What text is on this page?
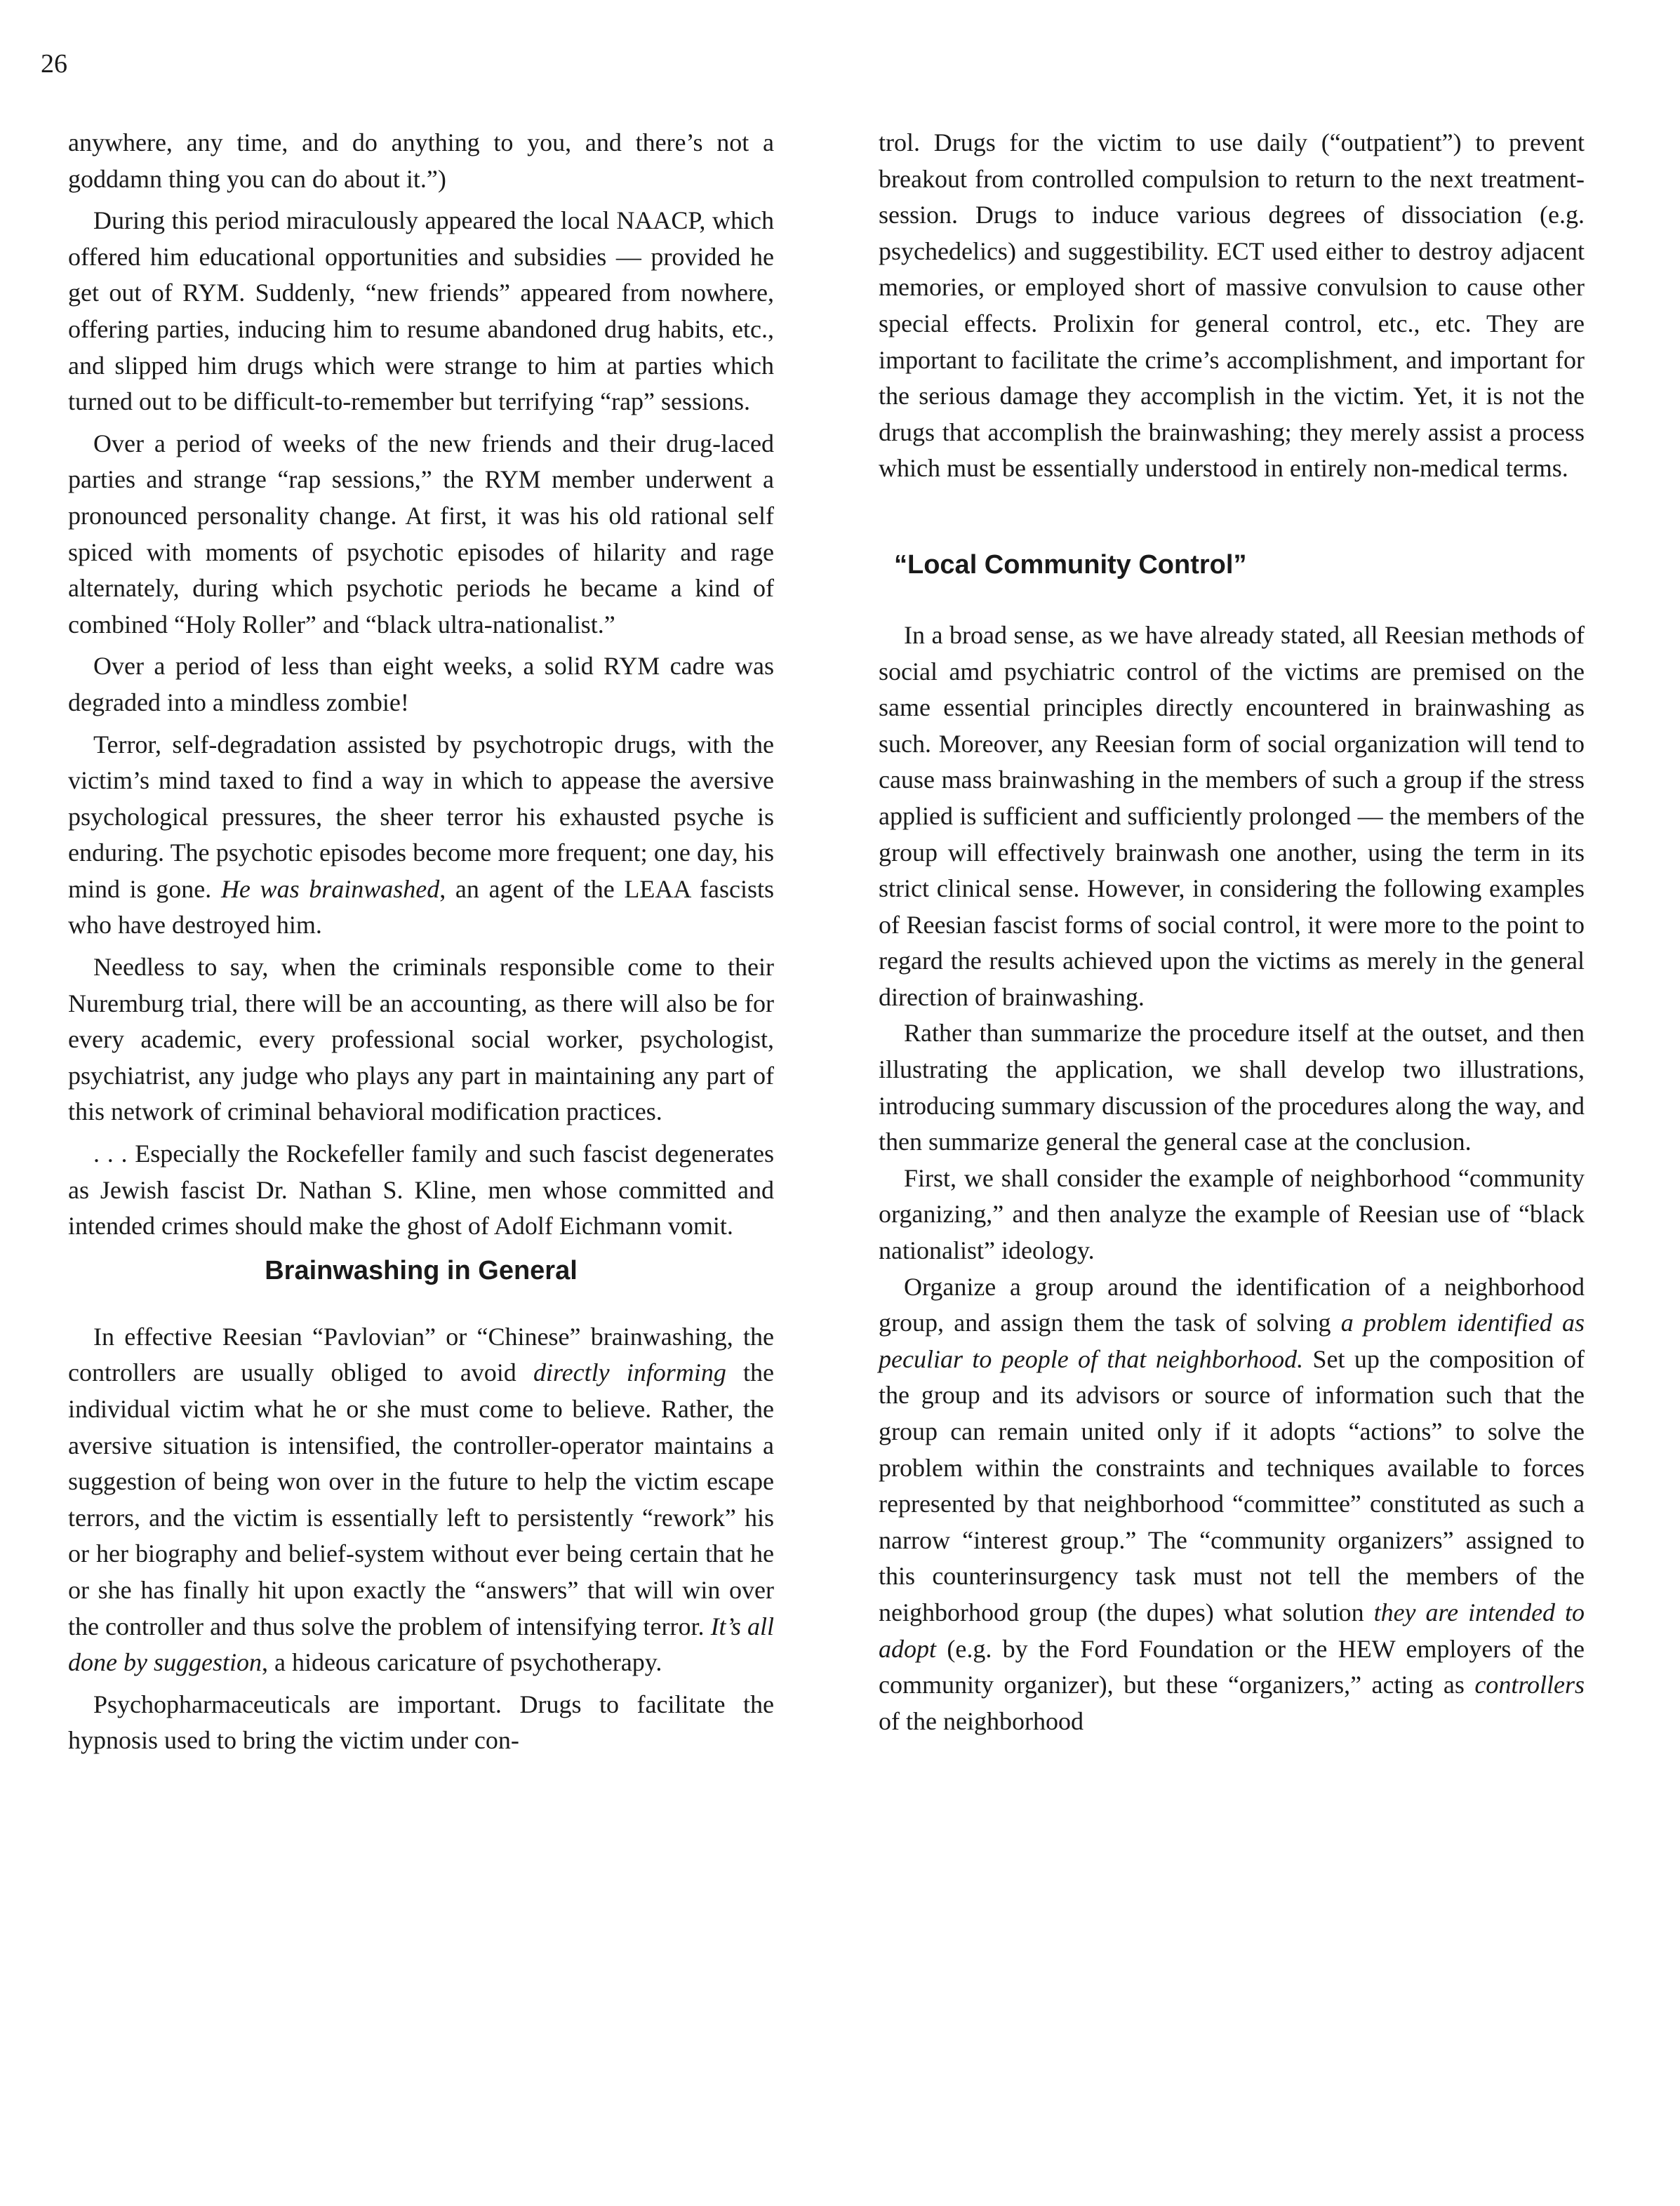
26

anywhere, any time, and do anything to you, and there’s not a goddamn thing you can do about it.”)

During this period miraculously appeared the local NAACP, which offered him educational opportunities and subsidies — provided he get out of RYM. Suddenly, “new friends” appeared from nowhere, offering parties, inducing him to resume abandoned drug habits, etc., and slipped him drugs which were strange to him at parties which turned out to be difficult-to-remember but terrifying “rap” sessions.

Over a period of weeks of the new friends and their drug-laced parties and strange “rap sessions,” the RYM member underwent a pronounced personality change. At first, it was his old rational self spiced with moments of psychotic episodes of hilarity and rage alternately, during which psychotic periods he became a kind of combined “Holy Roller” and “black ultra-nationalist.”

Over a period of less than eight weeks, a solid RYM cadre was degraded into a mindless zombie!

Terror, self-degradation assisted by psychotropic drugs, with the victim’s mind taxed to find a way in which to appease the aversive psychological pressures, the sheer terror his exhausted psyche is enduring. The psychotic episodes become more frequent; one day, his mind is gone. He was brainwashed, an agent of the LEAA fascists who have destroyed him.

Needless to say, when the criminals responsible come to their Nuremburg trial, there will be an accounting, as there will also be for every academic, every professional social worker, psychologist, psychiatrist, any judge who plays any part in maintaining any part of this network of criminal behavioral modification practices.

. . . Especially the Rockefeller family and such fascist degenerates as Jewish fascist Dr. Nathan S. Kline, men whose committed and intended crimes should make the ghost of Adolf Eichmann vomit.

Brainwashing in General

In effective Reesian “Pavlovian” or “Chinese” brainwashing, the controllers are usually obliged to avoid directly informing the individual victim what he or she must come to believe. Rather, the aversive situation is intensified, the controller-operator maintains a suggestion of being won over in the future to help the victim escape terrors, and the victim is essentially left to persistently “rework” his or her biography and belief-system without ever being certain that he or she has finally hit upon exactly the “answers” that will win over the controller and thus solve the problem of intensifying terror. It’s all done by suggestion, a hideous caricature of psychotherapy.

Psychopharmaceuticals are important. Drugs to facilitate the hypnosis used to bring the victim under con-

trol. Drugs for the victim to use daily (“outpatient”) to prevent breakout from controlled compulsion to return to the next treatment-session. Drugs to induce various degrees of dissociation (e.g. psychedelics) and suggestibility. ECT used either to destroy adjacent memories, or employed short of massive convulsion to cause other special effects. Prolixin for general control, etc., etc. They are important to facilitate the crime’s accomplishment, and important for the serious damage they accomplish in the victim. Yet, it is not the drugs that accomplish the brainwashing; they merely assist a process which must be essentially understood in entirely non-medical terms.

“Local Community Control”

In a broad sense, as we have already stated, all Reesian methods of social amd psychiatric control of the victims are premised on the same essential principles directly encountered in brainwashing as such. Moreover, any Reesian form of social organization will tend to cause mass brainwashing in the members of such a group if the stress applied is sufficient and sufficiently prolonged — the members of the group will effectively brainwash one another, using the term in its strict clinical sense. However, in considering the following examples of Reesian fascist forms of social control, it were more to the point to regard the results achieved upon the victims as merely in the general direction of brainwashing.

Rather than summarize the procedure itself at the outset, and then illustrating the application, we shall develop two illustrations, introducing summary discussion of the procedures along the way, and then summarize general the general case at the conclusion.

First, we shall consider the example of neighborhood “community organizing,” and then analyze the example of Reesian use of “black nationalist” ideology.

Organize a group around the identification of a neighborhood group, and assign them the task of solving a problem identified as peculiar to people of that neighborhood. Set up the composition of the group and its advisors or source of information such that the group can remain united only if it adopts “actions” to solve the problem within the constraints and techniques available to forces represented by that neighborhood “committee” constituted as such a narrow “interest group.” The “community organizers” assigned to this counterinsurgency task must not tell the members of the neighborhood group (the dupes) what solution they are intended to adopt (e.g. by the Ford Foundation or the HEW employers of the community organizer), but these “organizers,” acting as controllers of the neighborhood
